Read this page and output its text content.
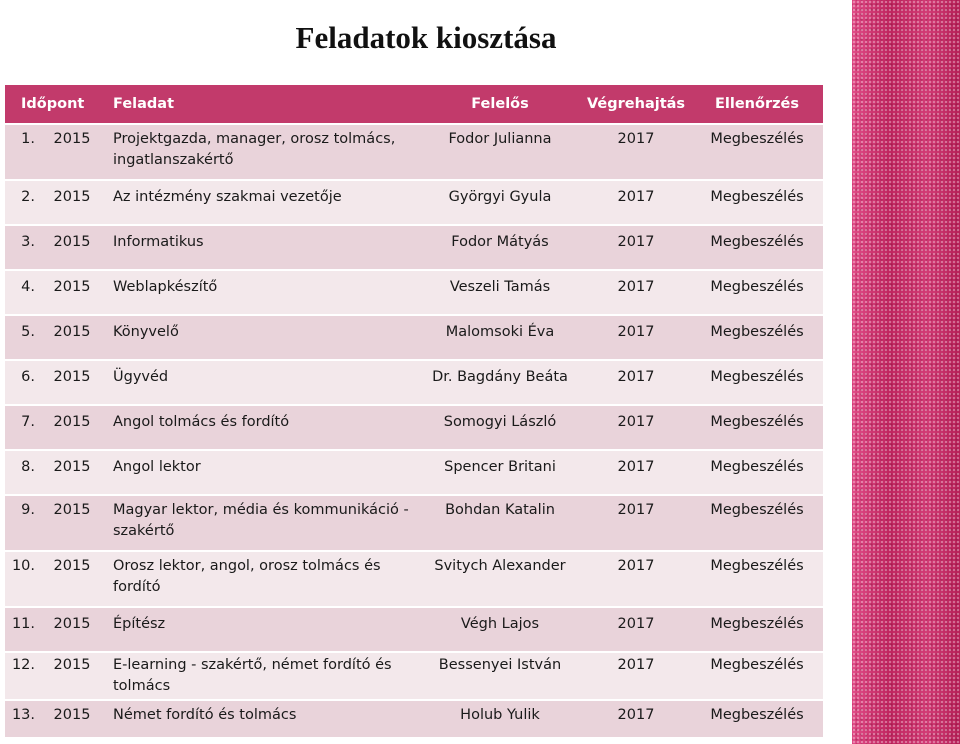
Feladatok kiosztása
	Időpont	Feladat	Felelős	Végrehajtás	Ellenőrzés
1.	2015	Projektgazda, manager, orosz tolmács, ingatlanszakértő	Fodor Julianna	2017	Megbeszélés
2.	2015	Az intézmény szakmai vezetője	Györgyi Gyula	2017	Megbeszélés
3.	2015	Informatikus	Fodor Mátyás	2017	Megbeszélés
4.	2015	Weblapkészítő	Veszeli Tamás	2017	Megbeszélés
5.	2015	Könyvelő	Malomsoki Éva	2017	Megbeszélés
6.	2015	Ügyvéd	Dr. Bagdány Beáta	2017	Megbeszélés
7.	2015	Angol tolmács és fordító	Somogyi László	2017	Megbeszélés
8.	2015	Angol lektor	Spencer Britani	2017	Megbeszélés
9.	2015	Magyar lektor, média és kommunikáció - szakértő	Bohdan Katalin	2017	Megbeszélés
10.	2015	Orosz lektor, angol, orosz tolmács és fordító	Svitych Alexander	2017	Megbeszélés
11.	2015	Építész	Végh Lajos	2017	Megbeszélés
12.	2015	E-learning - szakértő, német fordító és tolmács	Bessenyei István	2017	Megbeszélés
13.	2015	Német fordító és tolmács	Holub Yulik	2017	Megbeszélés
